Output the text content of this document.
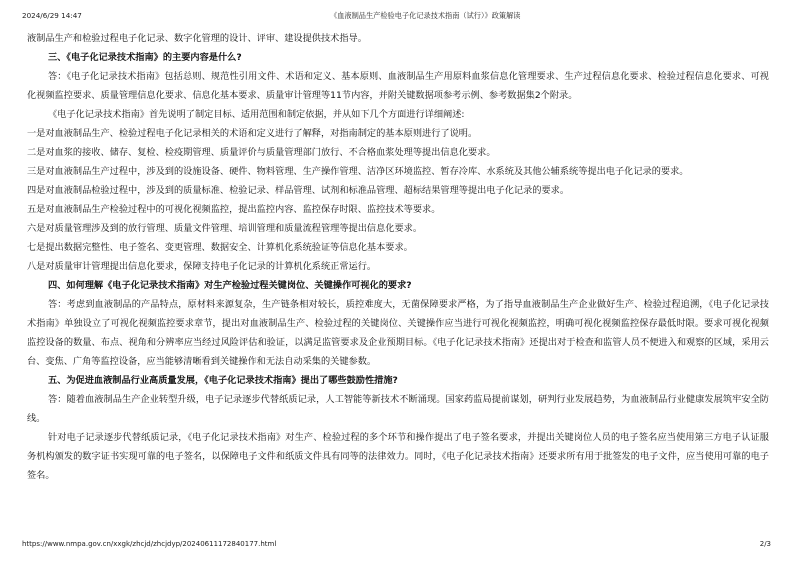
2024/6/29 14:47	《血液制品生产检验电子化记录技术指南（试行）》政策解读

液制品生产和检验过程电子化记录、数字化管理的设计、评审、建设提供技术指导。

三、《电子化记录技术指南》的主要内容是什么?

答：《电子化记录技术指南》包括总则、规范性引用文件、术语和定义、基本原则、血液制品生产用原料血浆信息化管理要求、生产过程信息化要求、检验过程信息化要求、可视化视频监控要求、质量管理信息化要求、信息化基本要求、质量审计管理等11节内容，并附关键数据项参考示例、参考数据集2个附录。

《电子化记录技术指南》首先说明了制定目标、适用范围和制定依据，并从如下几个方面进行详细阐述:

一是对血液制品生产、检验过程电子化记录相关的术语和定义进行了解释，对指南制定的基本原则进行了说明。

二是对血浆的接收、储存、复检、检疫期管理、质量评价与质量管理部门放行、不合格血浆处理等提出信息化要求。

三是对血液制品生产过程中，涉及到的设施设备、硬件、物料管理、生产操作管理、洁净区环境监控、暂存冷库、水系统及其他公辅系统等提出电子化记录的要求。

四是对血液制品检验过程中，涉及到的质量标准、检验记录、样品管理、试剂和标准品管理、超标结果管理等提出电子化记录的要求。

五是对血液制品生产检验过程中的可视化视频监控，提出监控内容、监控保存时限、监控技术等要求。

六是对质量管理涉及到的放行管理、质量文件管理、培训管理和质量流程管理等提出信息化要求。

七是提出数据完整性、电子签名、变更管理、数据安全、计算机化系统验证等信息化基本要求。

八是对质量审计管理提出信息化要求，保障支持电子化记录的计算机化系统正常运行。

四、如何理解《电子化记录技术指南》对生产检验过程关键岗位、关键操作可视化的要求?

答：考虑到血液制品的产品特点，原材料来源复杂，生产链条相对较长，质控难度大，无菌保障要求严格，为了指导血液制品生产企业做好生产、检验过程追溯，《电子化记录技术指南》单独设立了可视化视频监控要求章节，提出对血液制品生产、检验过程的关键岗位、关键操作应当进行可视化视频监控，明确可视化视频监控保存最低时限。要求可视化视频监控设备的数量、布点、视角和分辨率应当经过风险评估和验证，以满足监管要求及企业预期目标。《电子化记录技术指南》还提出对于检查和监管人员不便进入和观察的区域，采用云台、变焦、广角等监控设备，应当能够清晰看到关键操作和无法自动采集的关键参数。

五、为促进血液制品行业高质量发展，《电子化记录技术指南》提出了哪些鼓励性措施?

答：随着血液制品生产企业转型升级，电子记录逐步代替纸质记录，人工智能等新技术不断涌现。国家药监局提前谋划，研判行业发展趋势，为血液制品行业健康发展筑牢安全防线。

针对电子记录逐步代替纸质记录，《电子化记录技术指南》对生产、检验过程的多个环节和操作提出了电子签名要求，并提出关键岗位人员的电子签名应当使用第三方电子认证服务机构颁发的数字证书实现可靠的电子签名，以保障电子文件和纸质文件具有同等的法律效力。同时，《电子化记录技术指南》还要求所有用于批签发的电子文件，应当使用可靠的电子签名。

https://www.nmpa.gov.cn/xxgk/zhcjd/zhcjdyp/20240611172840177.html	2/3
